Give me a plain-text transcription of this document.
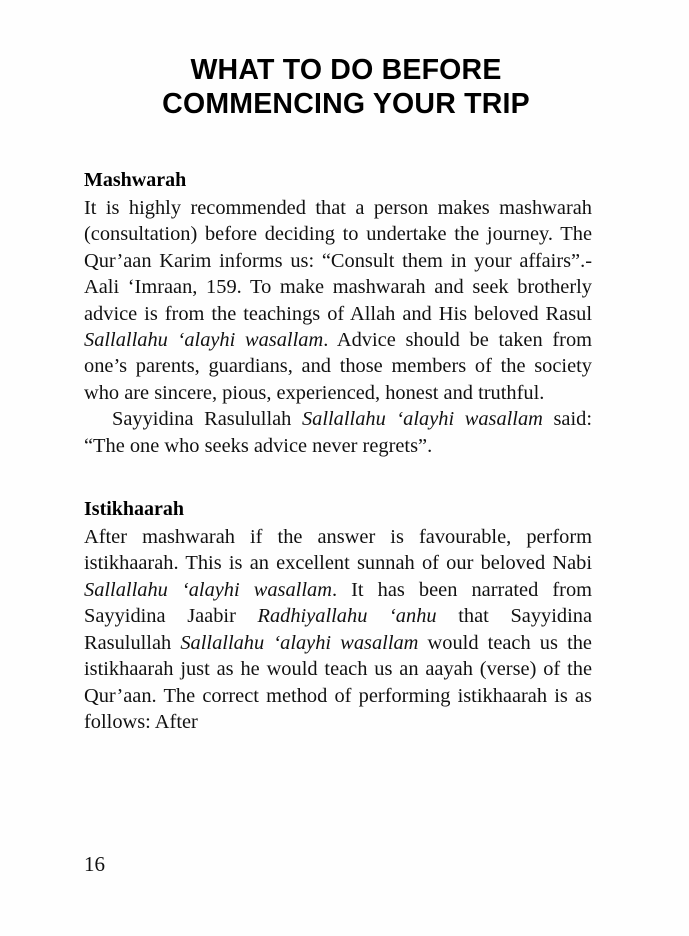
WHAT TO DO BEFORE
COMMENCING YOUR TRIP
Mashwarah

It is highly recommended that a person makes mashwarah (consultation) before deciding to undertake the journey. The Qur’aan Karim informs us: “Consult them in your affairs”.-Aali ‘Imraan, 159. To make mashwarah and seek brotherly advice is from the teachings of Allah and His beloved Rasul Sallallahu ‘alayhi wasallam. Advice should be taken from one’s parents, guardians, and those members of the society who are sincere, pious, experienced, honest and truthful.

Sayyidina Rasulullah Sallallahu ‘alayhi wasallam said: “The one who seeks advice never regrets”.

Istikhaarah

After mashwarah if the answer is favourable, perform istikhaarah. This is an excellent sunnah of our beloved Nabi Sallallahu ‘alayhi wasallam. It has been narrated from Sayyidina Jaabir Radhiyallahu ‘anhu that Sayyidina Rasulullah Sallallahu ‘alayhi wasallam would teach us the istikhaarah just as he would teach us an aayah (verse) of the Qur’aan. The correct method of performing istikhaarah is as follows: After

16
